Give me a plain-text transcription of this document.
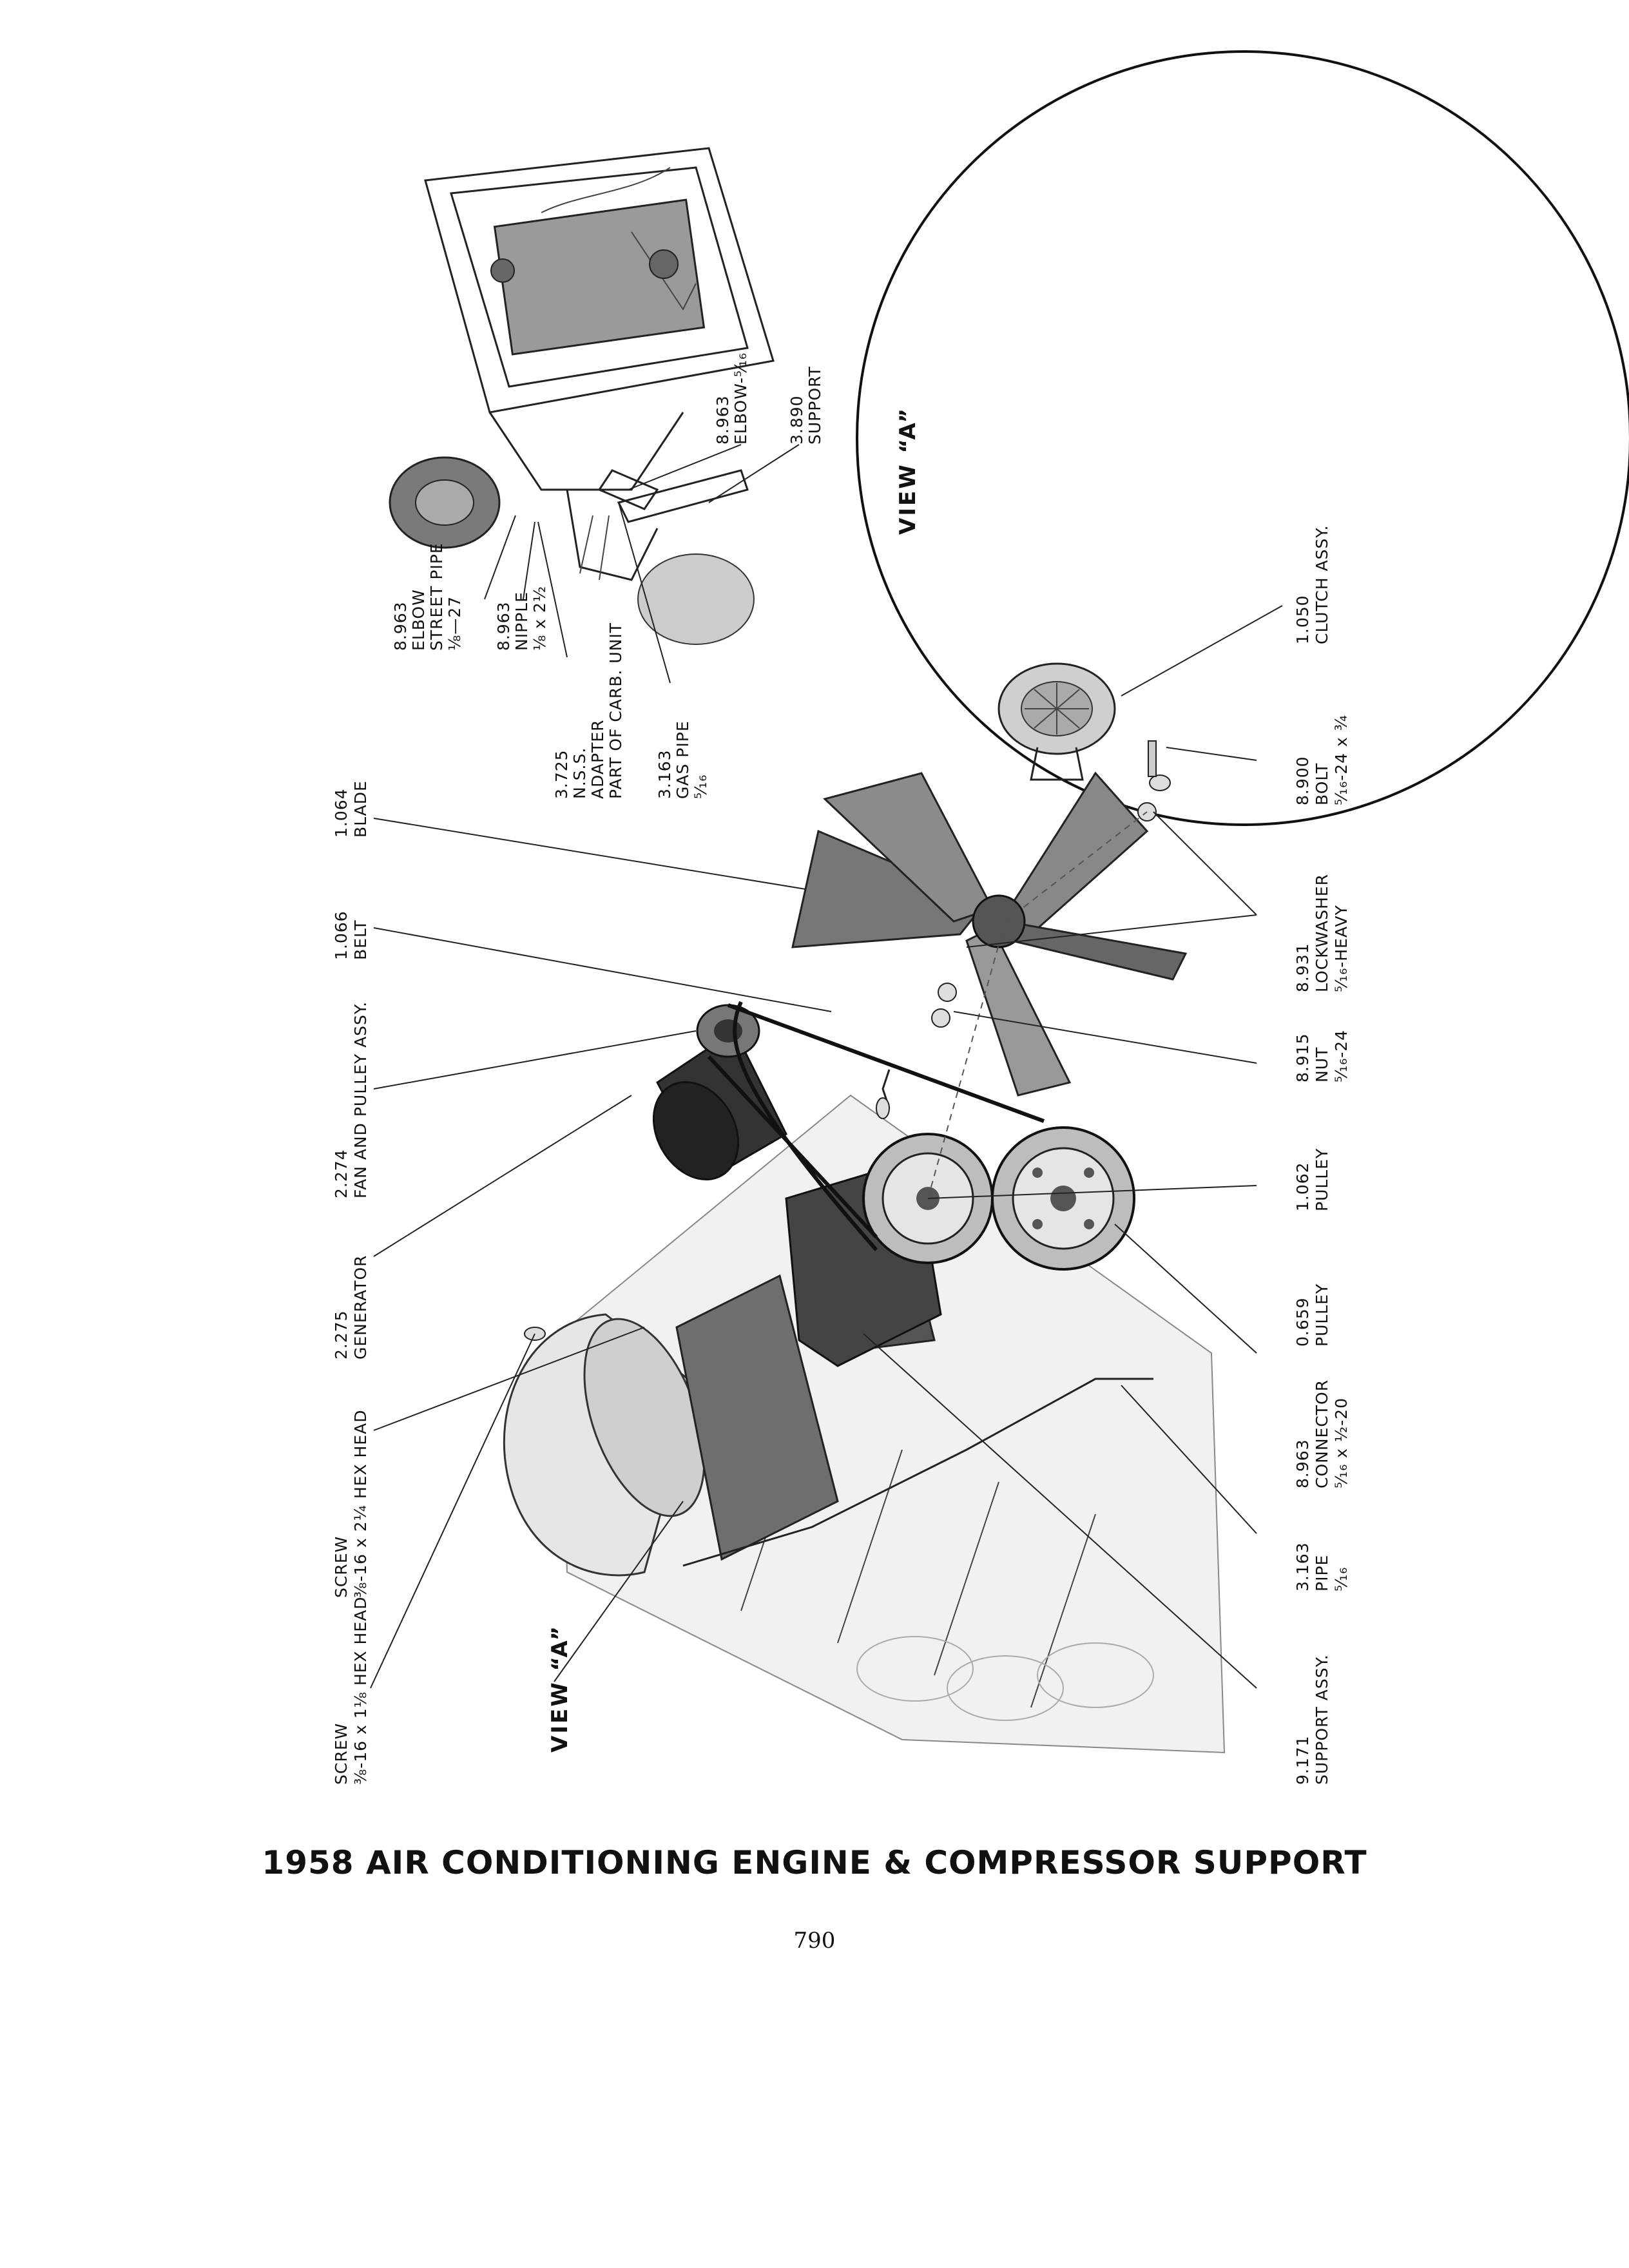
8.963 ELBOW STREET PIPE ⅛—27 8.963 NIPPLE ⅛ x 2½
3.725 N.S.S. ADAPTER PART OF CARB. UNIT 3.163 GAS PIPE ⁵⁄₁₆
8.963 ELBOW-⁵⁄₁₆ 3.890 SUPPORT
VIEW “A”
SCREW ⅜-16 x 1⅛ HEX HEAD
SCREW ⅜-16 x 2¼ HEX HEAD
2.275 GENERATOR
2.274 FAN AND PULLEY ASSY.
1.066 BELT
1.064 BLADE
VIEW “A”
9.171 SUPPORT ASSY.
3.163 PIPE ⁵⁄₁₆
8.963 CONNECTOR ⁵⁄₁₆ x ½-20
0.659 PULLEY
1.062 PULLEY
8.915 NUT ⁵⁄₁₆-24
8.931 LOCKWASHER ⁵⁄₁₆-HEAVY
8.900 BOLT ⁵⁄₁₆-24 x ¾
1.050 CLUTCH ASSY.
1958 AIR CONDITIONING ENGINE & COMPRESSOR SUPPORT
790
